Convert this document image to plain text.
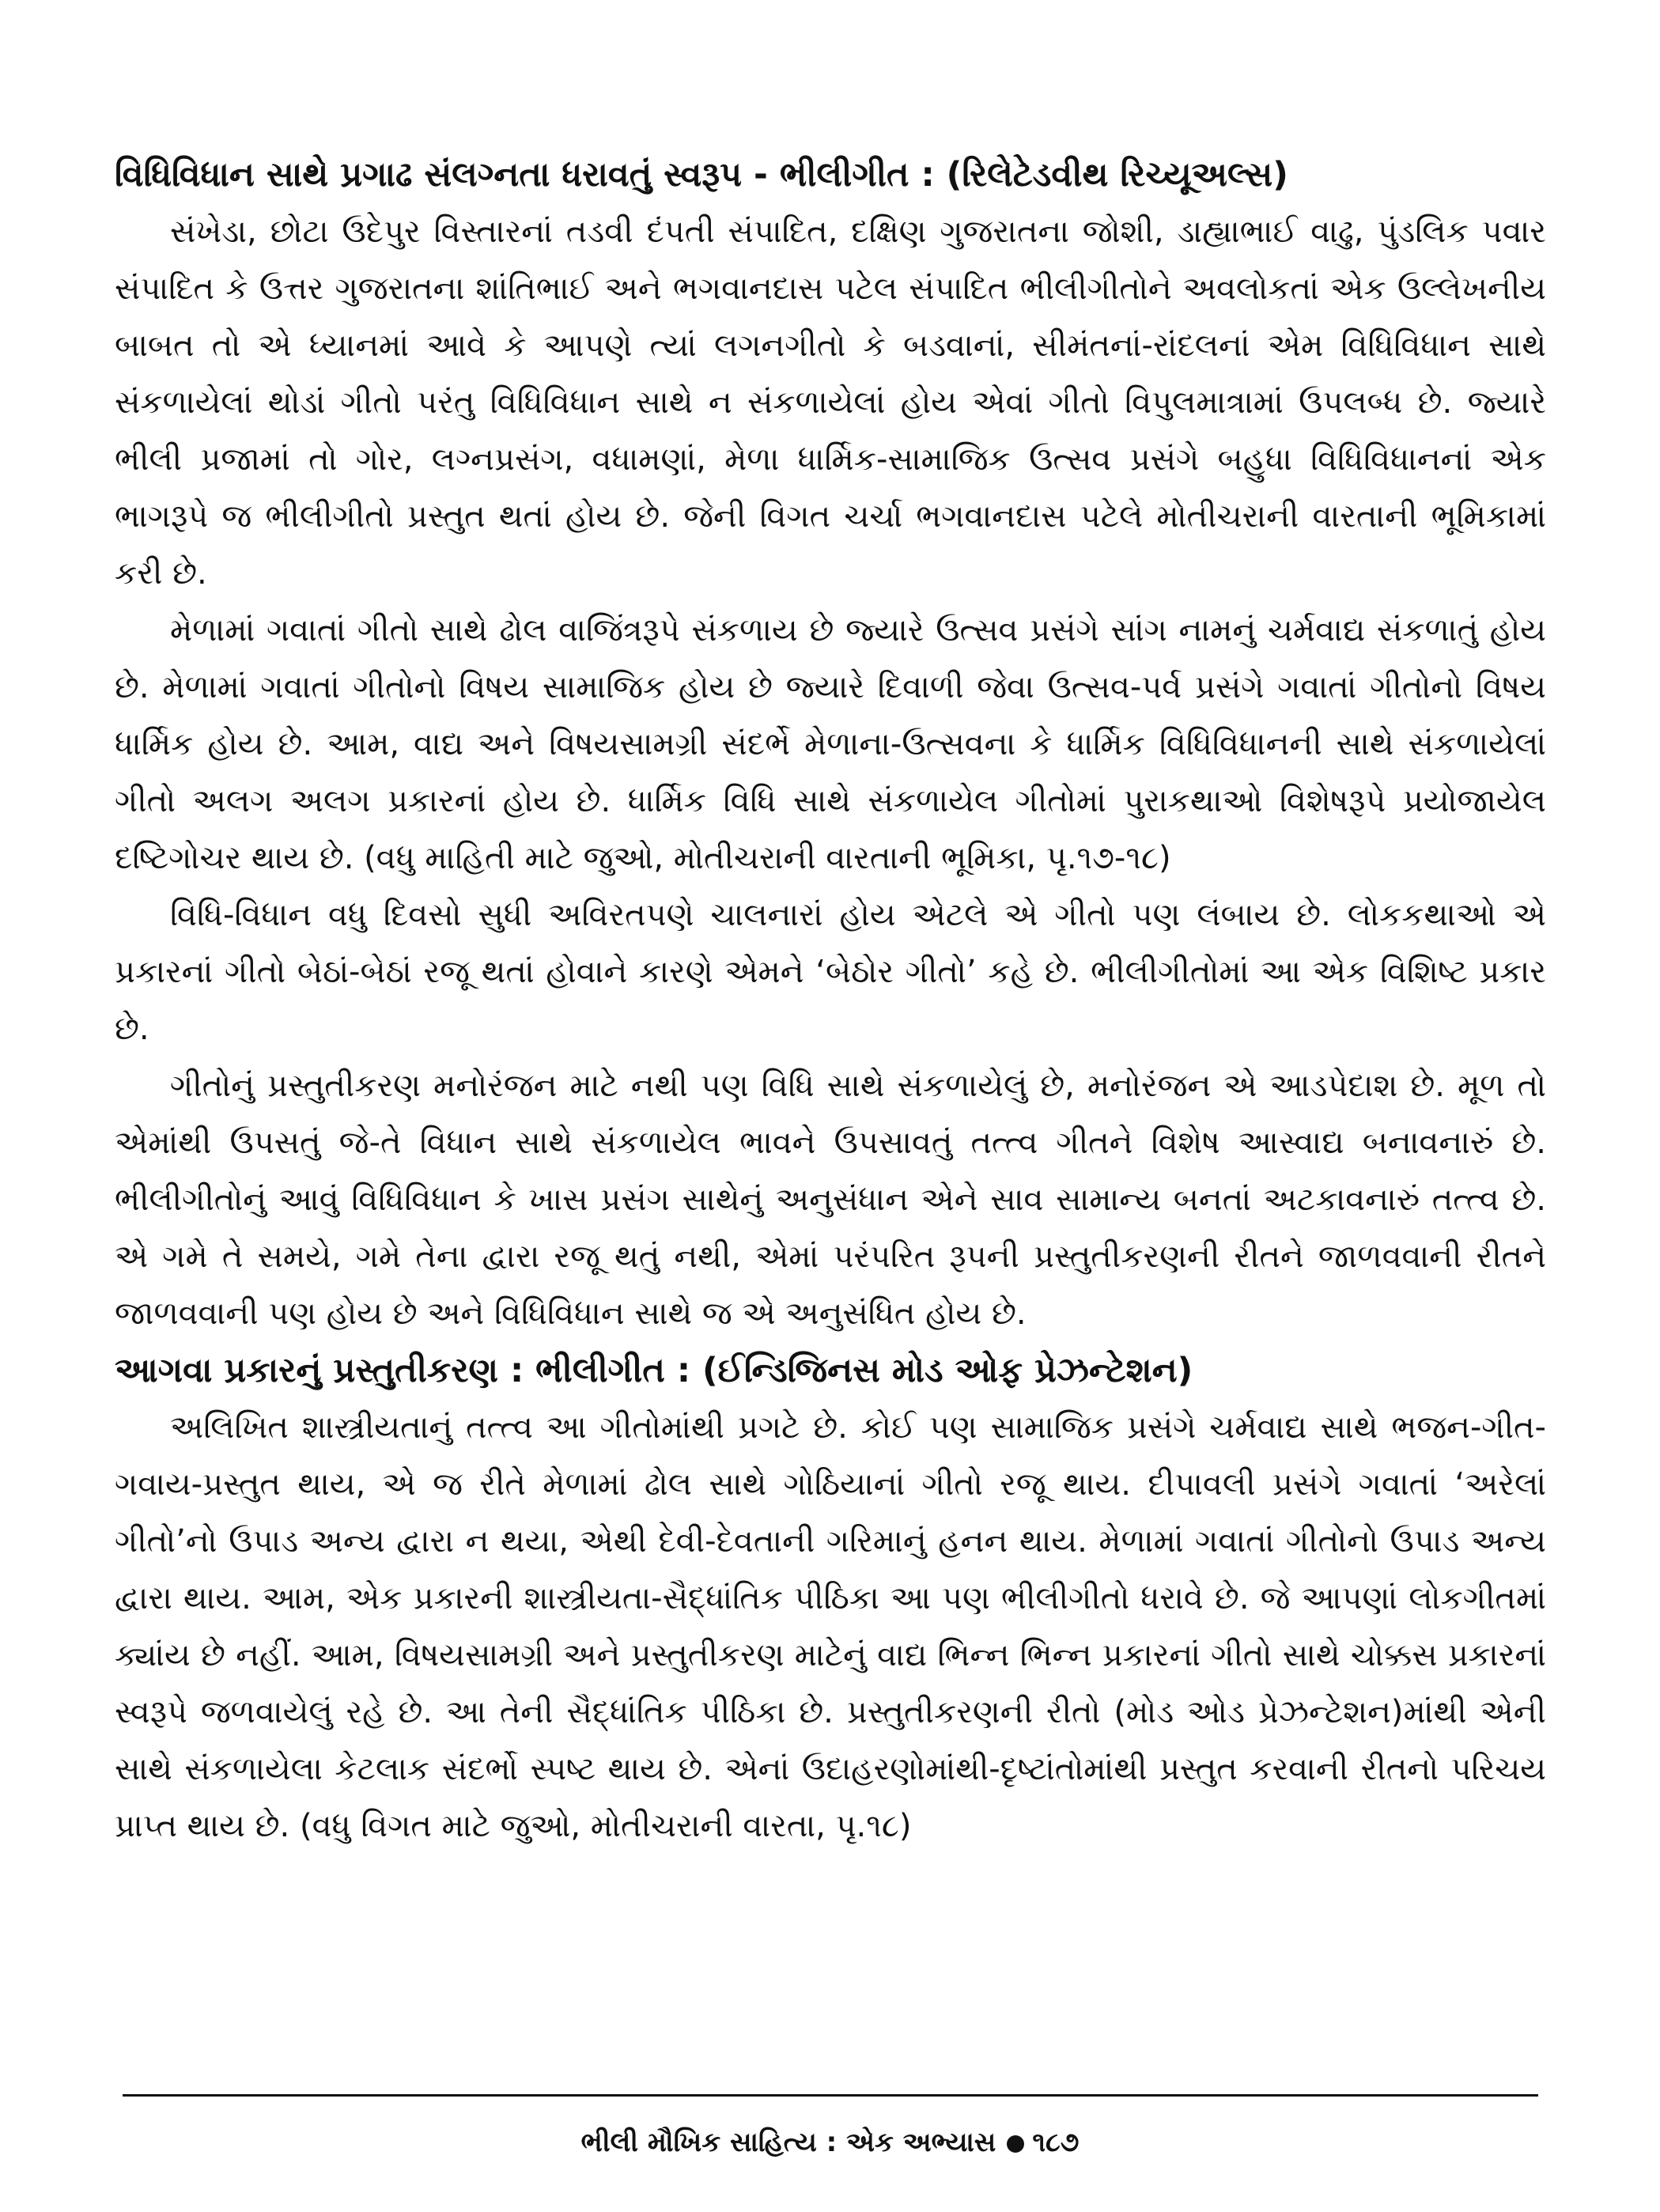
વિધિવિધાન સાથે પ્રગાઢ સંલગ્નતા ધરાવતું સ્વરૂપ - ભીલીગીત : (રિલેટેડવીથ રિચ્યૂઅલ્સ)

સંખેડા, છોટા ઉદેપુર વિસ્તારનાં તડવી દંપતી સંપાદિત, દક્ષિણ ગુજરાતના જોશી, ડાહ્યાભાઈ વાઢુ, પુંડલિક પવાર સંપાદિત કે ઉત્તર ગુજરાતના શાંતિભાઈ અને ભગવાનદાસ પટેલ સંપાદિત ભીલીગીતોને અવલોકતાં એક ઉલ્લેખનીય બાબત તો એ ધ્યાનમાં આવે કે આપણે ત્યાં લગનગીતો કે બડવાનાં, સીમંતનાં-રાંદલનાં એમ વિધિવિધાન સાથે સંકળાયેલાં થોડાં ગીતો પરંતુ વિધિવિધાન સાથે ન સંકળાયેલાં હોય એવાં ગીતો વિપુલમાત્રામાં ઉપલબ્ધ છે. જ્યારે ભીલી પ્રજામાં તો ગોર, લગ્નપ્રસંગ, વધામણાં, મેળા ધાર્મિક-સામાજિક ઉત્સવ પ્રસંગે બહુધા વિધિવિધાનનાં એક ભાગરૂપે જ ભીલીગીતો પ્રસ્તુત થતાં હોય છે. જેની વિગત ચર્ચા ભગવાનદાસ પટેલે મોતીચરાની વારતાની ભૂમિકામાં કરી છે.

મેળામાં ગવાતાં ગીતો સાથે ઢોલ વાજિંત્રરૂપે સંકળાય છે જ્યારે ઉત્સવ પ્રસંગે સાંગ નામનું ચર્મવાદ્ય સંકળાતું હોય છે. મેળામાં ગવાતાં ગીતોનો વિષય સામાજિક હોય છે જ્યારે દિવાળી જેવા ઉત્સવ-પર્વ પ્રસંગે ગવાતાં ગીતોનો વિષય ધાર્મિક હોય છે. આમ, વાદ્ય અને વિષયસામગ્રી સંદર્ભે મેળાના-ઉત્સવના કે ધાર્મિક વિધિવિધાનની સાથે સંકળાયેલાં ગીતો અલગ અલગ પ્રકારનાં હોય છે. ધાર્મિક વિધિ સાથે સંકળાયેલ ગીતોમાં પુરાકથાઓ વિશેષરૂપે પ્રયોજાયેલ દષ્ટિગોચર થાય છે. (વધુ માહિતી માટે જુઓ, મોતીચરાની વારતાની ભૂમિકા, પૃ.૧૭-૧૮)

વિધિ-વિધાન વધુ દિવસો સુધી અવિરતપણે ચાલનારાં હોય એટલે એ ગીતો પણ લંબાય છે. લોકકથાઓ એ પ્રકારનાં ગીતો બેઠાં-બેઠાં રજૂ થતાં હોવાને કારણે એમને ‘બેઠોર ગીતો’ કહે છે. ભીલીગીતોમાં આ એક વિશિષ્ટ પ્રકાર છે.

ગીતોનું પ્રસ્તુતીકરણ મનોરંજન માટે નથી પણ વિધિ સાથે સંકળાયેલું છે, મનોરંજન એ આડપેદાશ છે. મૂળ તો એમાંથી ઉપસતું જે-તે વિધાન સાથે સંકળાયેલ ભાવને ઉપસાવતું તત્ત્વ ગીતને વિશેષ આસ્વાદ્ય બનાવનારું છે. ભીલીગીતોનું આવું વિધિવિધાન કે ખાસ પ્રસંગ સાથેનું અનુસંધાન એને સાવ સામાન્ય બનતાં અટકાવનારું તત્ત્વ છે. એ ગમે તે સમયે, ગમે તેના દ્વારા રજૂ થતું નથી, એમાં પરંપરિત રૂપની પ્રસ્તુતીકરણની રીતને જાળવવાની રીતને જાળવવાની પણ હોય છે અને વિધિવિધાન સાથે જ એ અનુસંધિત હોય છે.

આગવા પ્રકારનું પ્રસ્તુતીકરણ : ભીલીગીત : (ઈન્ડિજિનસ મોડ ઓફ પ્રેઝન્ટેશન)

અલિખિત શાસ્ત્રીયતાનું તત્ત્વ આ ગીતોમાંથી પ્રગટે છે. કોઈ પણ સામાજિક પ્રસંગે ચર્મવાદ્ય સાથે ભજન-ગીત-ગવાય-પ્રસ્તુત થાય, એ જ રીતે મેળામાં ઢોલ સાથે ગોઠિયાનાં ગીતો રજૂ થાય. દીપાવલી પ્રસંગે ગવાતાં ‘અરેલાં ગીતો’નો ઉપાડ અન્ય દ્વારા ન થયા, એથી દેવી-દેવતાની ગરિમાનું હનન થાય. મેળામાં ગવાતાં ગીતોનો ઉપાડ અન્ય દ્વારા થાય. આમ, એક પ્રકારની શાસ્ત્રીયતા-સૈદ્ધાંતિક પીઠિકા આ પણ ભીલીગીતો ધરાવે છે. જે આપણાં લોકગીતમાં ક્યાંય છે નહીં. આમ, વિષયસામગ્રી અને પ્રસ્તુતીકરણ માટેનું વાદ્ય ભિન્ન ભિન્ન પ્રકારનાં ગીતો સાથે ચોક્કસ પ્રકારનાં સ્વરૂપે જળવાયેલું રહે છે. આ તેની સૈદ્ધાંતિક પીઠિકા છે. પ્રસ્તુતીકરણની રીતો (મોડ ઓડ પ્રેઝન્ટેશન)માંથી એની સાથે સંકળાયેલા કેટલાક સંદર્ભો સ્પષ્ટ થાય છે. એનાં ઉદાહરણોમાંથી-દૃષ્ટાંતોમાંથી પ્રસ્તુત કરવાની રીતનો પરિચય પ્રાપ્ત થાય છે. (વધુ વિગત માટે જુઓ, મોતીચરાની વારતા, પૃ.૧૮)

ભીલી મૌખિક સાહિત્ય : એક અભ્યાસ ૧૮૭
